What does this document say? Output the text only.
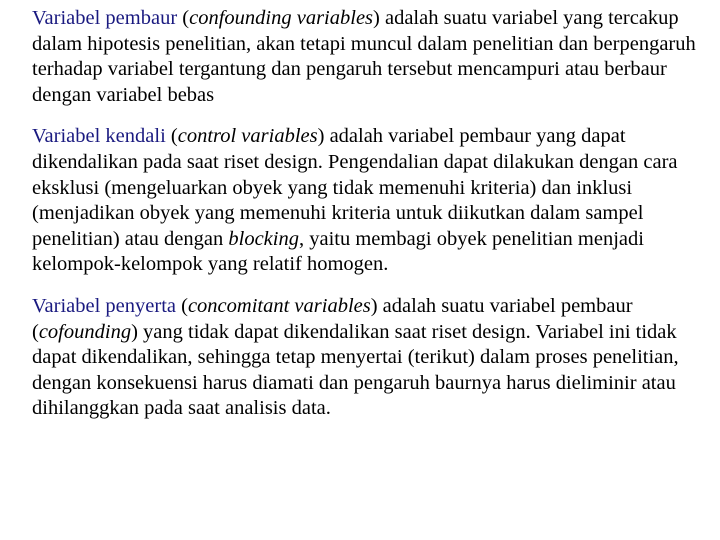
Variabel pembaur (confounding variables) adalah suatu variabel yang tercakup dalam hipotesis penelitian, akan tetapi muncul dalam penelitian dan berpengaruh terhadap variabel tergantung dan pengaruh tersebut mencampuri atau berbaur dengan variabel bebas

Variabel kendali (control variables) adalah variabel pembaur yang dapat dikendalikan pada saat riset design. Pengendalian dapat dilakukan dengan cara eksklusi (mengeluarkan obyek yang tidak memenuhi kriteria) dan inklusi (menjadikan obyek yang memenuhi kriteria untuk diikutkan dalam sampel penelitian) atau dengan blocking, yaitu membagi obyek penelitian menjadi kelompok-kelompok yang relatif homogen.

Variabel penyerta (concomitant variables) adalah suatu variabel pembaur (cofounding) yang tidak dapat dikendalikan saat riset design. Variabel ini tidak dapat dikendalikan, sehingga tetap menyertai (terikut) dalam proses penelitian, dengan konsekuensi harus diamati dan pengaruh baurnya harus dieliminir atau dihilanggkan pada saat analisis data.
